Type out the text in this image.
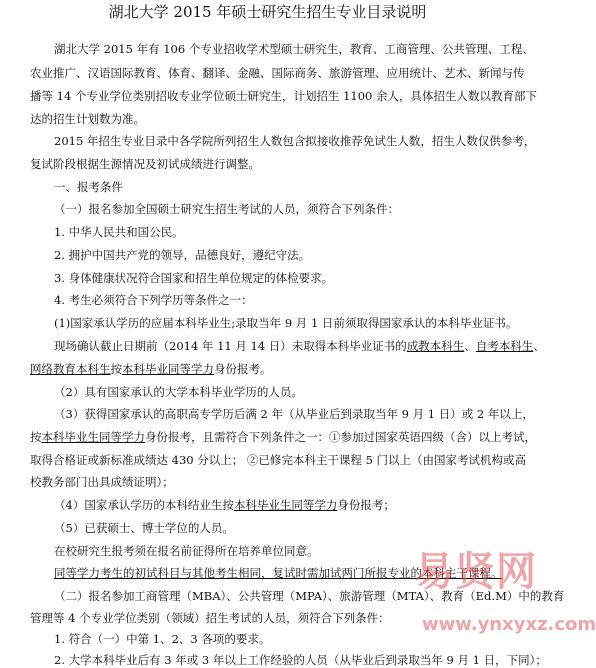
湖北大学 2015 年硕士研究生招生专业目录说明
湖北大学 2015 年有 106 个专业招收学术型硕士研究生，教育、工商管理、公共管理、工程、
农业推广、汉语国际教育、体育、翻译、金融、国际商务、旅游管理、应用统计、艺术、新闻与传
播等 14 个专业学位类别招收专业学位硕士研究生，计划招生 1100 余人，具体招生人数以教育部下
达的招生计划数为准。
2015 年招生专业目录中各学院所列招生人数包含拟接收推荐免试生人数，招生人数仅供参考，
复试阶段根据生源情况及初试成绩进行调整。
一、报考条件
（一）报名参加全国硕士研究生招生考试的人员，须符合下列条件：
1. 中华人民共和国公民。
2. 拥护中国共产党的领导，品德良好，遵纪守法。
3. 身体健康状况符合国家和招生单位规定的体检要求。
4. 考生必须符合下列学历等条件之一：
(1)国家承认学历的应届本科毕业生;录取当年 9 月 1 日前须取得国家承认的本科毕业证书。
现场确认截止日期前（2014 年 11 月 14 日）未取得本科毕业证书的成教本科生、自考本科生、
网络教育本科生按本科毕业同等学力身份报考。
（2）具有国家承认的大学本科毕业学历的人员。
（3）获得国家承认的高职高专学历后满 2 年（从毕业后到录取当年 9 月 1 日）或 2 年以上，
按本科毕业生同等学力身份报考，且需符合下列条件之一：①参加过国家英语四级（含）以上考试，
取得合格证或新标准成绩达 430 分以上； ②已修完本科主干课程 5 门以上（由国家考试机构或高
校教务部门出具成绩证明）；
（4）国家承认学历的本科结业生按本科毕业生同等学力身份报考；
（5）已获硕士、博士学位的人员。
在校研究生报考须在报名前征得所在培养单位同意。
同等学力考生的初试科目与其他考生相同，复试时需加试两门所报专业的本科主干课程。
（二）报名参加工商管理（MBA）、公共管理（MPA）、旅游管理（MTA）、教育（Ed.M）中的教育
管理等 4 个专业学位类别（领域）招生考试的人员，须符合下列条件：
1. 符合（一）中第 1、2、3 各项的要求。
2. 大学本科毕业后有 3 年或 3 年以上工作经验的人员（从毕业后到录取当年 9 月 1 日，下同）；
易贤网
www.ynxyxz.com
